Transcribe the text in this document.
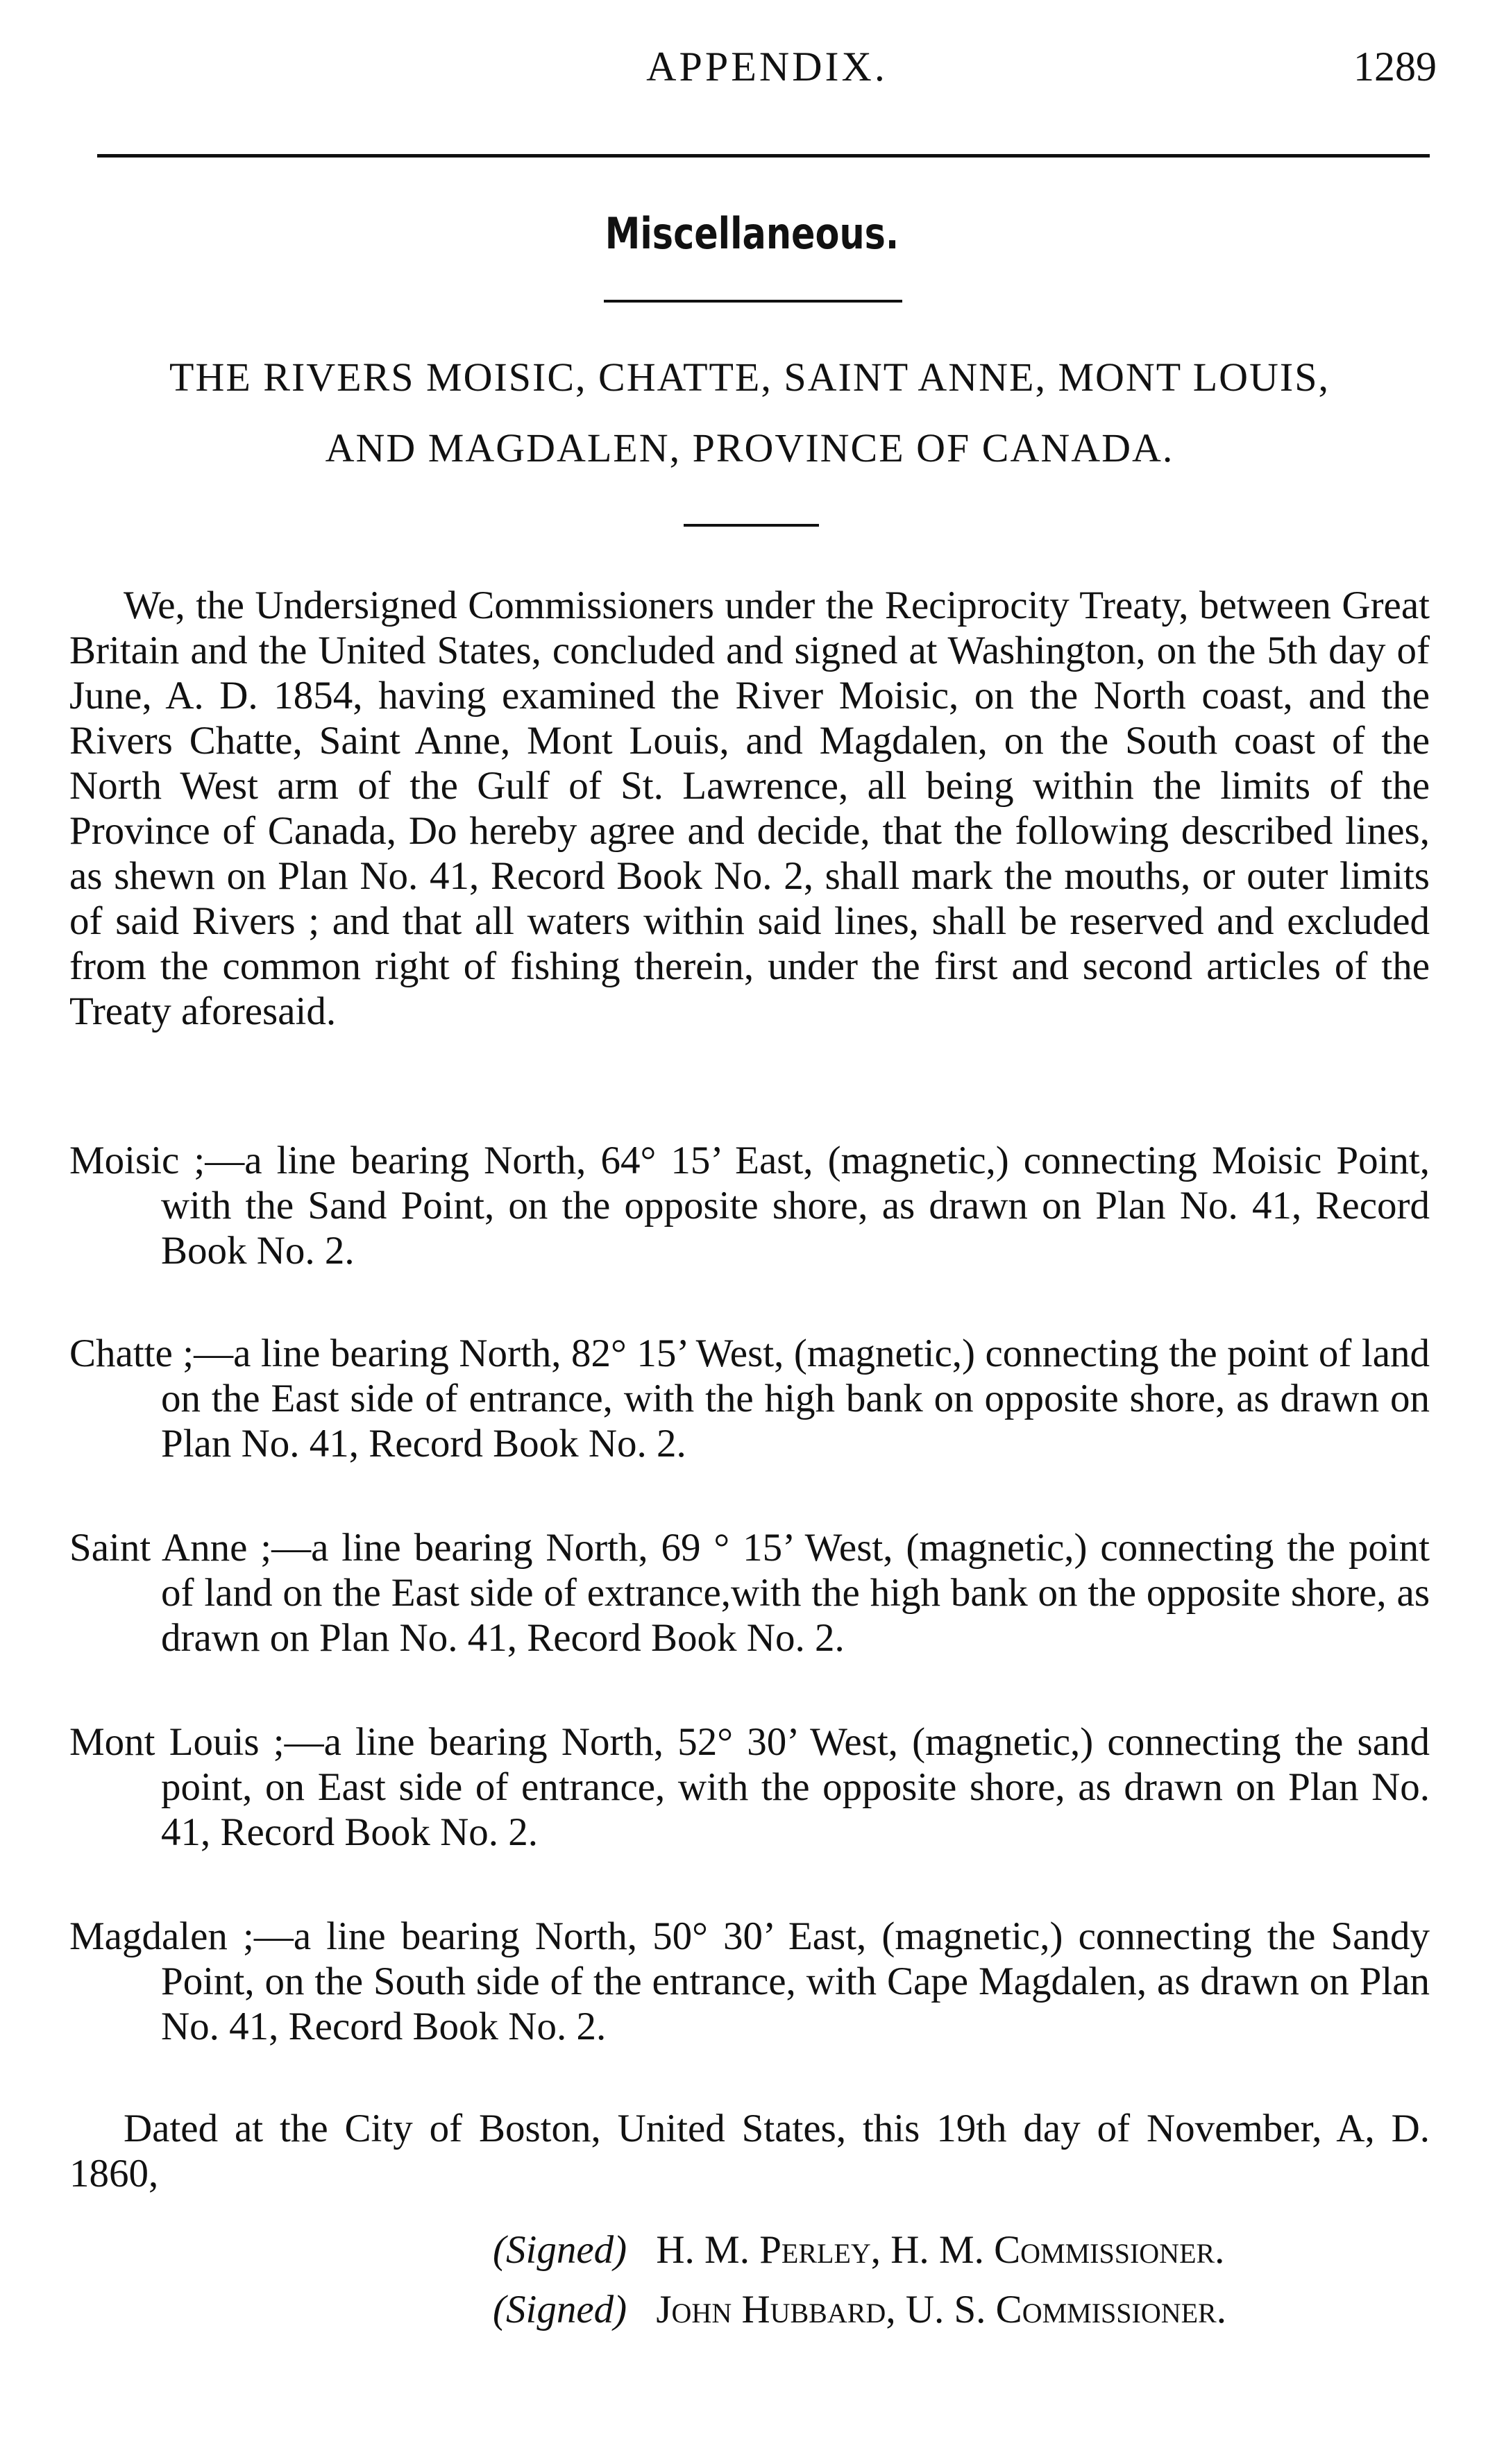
APPENDIX.	1289
Miscellaneous.
THE RIVERS MOISIC, CHATTE, SAINT ANNE, MONT LOUIS,
AND MAGDALEN, PROVINCE OF CANADA.

We, the Undersigned Commissioners under the Reciprocity Treaty, between Great Britain and the United States, concluded and signed at Washington, on the 5th day of June, A. D. 1854, having examined the River Moisic, on the North coast, and the Rivers Chatte, Saint Anne, Mont Louis, and Magdalen, on the South coast of the North West arm of the Gulf of St. Lawrence, all being within the limits of the Province of Canada, Do hereby agree and decide, that the following described lines, as shewn on Plan No. 41, Record Book No. 2, shall mark the mouths, or outer limits of said Rivers ; and that all waters within said lines, shall be reserved and excluded from the common right of fishing therein, under the first and second articles of the Treaty aforesaid.

Moisic ;—a line bearing North, 64° 15’ East, (magnetic,) connecting Moisic Point, with the Sand Point, on the opposite shore, as drawn on Plan No. 41, Record Book No. 2.

Chatte ;—a line bearing North, 82° 15’ West, (magnetic,) connecting the point of land on the East side of entrance, with the high bank on opposite shore, as drawn on Plan No. 41, Record Book No. 2.

Saint Anne ;—a line bearing North, 69 ° 15’ West, (magnetic,) connecting the point of land on the East side of extrance,with the high bank on the opposite shore, as drawn on Plan No. 41, Record Book No. 2.

Mont Louis ;—a line bearing North, 52° 30’ West, (magnetic,) connecting the sand point, on East side of entrance, with the opposite shore, as drawn on Plan No. 41, Record Book No. 2.

Magdalen ;—a line bearing North, 50° 30’ East, (magnetic,) connecting the Sandy Point, on the South side of the entrance, with Cape Magdalen, as drawn on Plan No. 41, Record Book No. 2.

Dated at the City of Boston, United States, this 19th day of November, A, D. 1860,

(Signed) H. M. Perley, H. M. Commissioner.
(Signed) John Hubbard, U. S. Commissioner.
